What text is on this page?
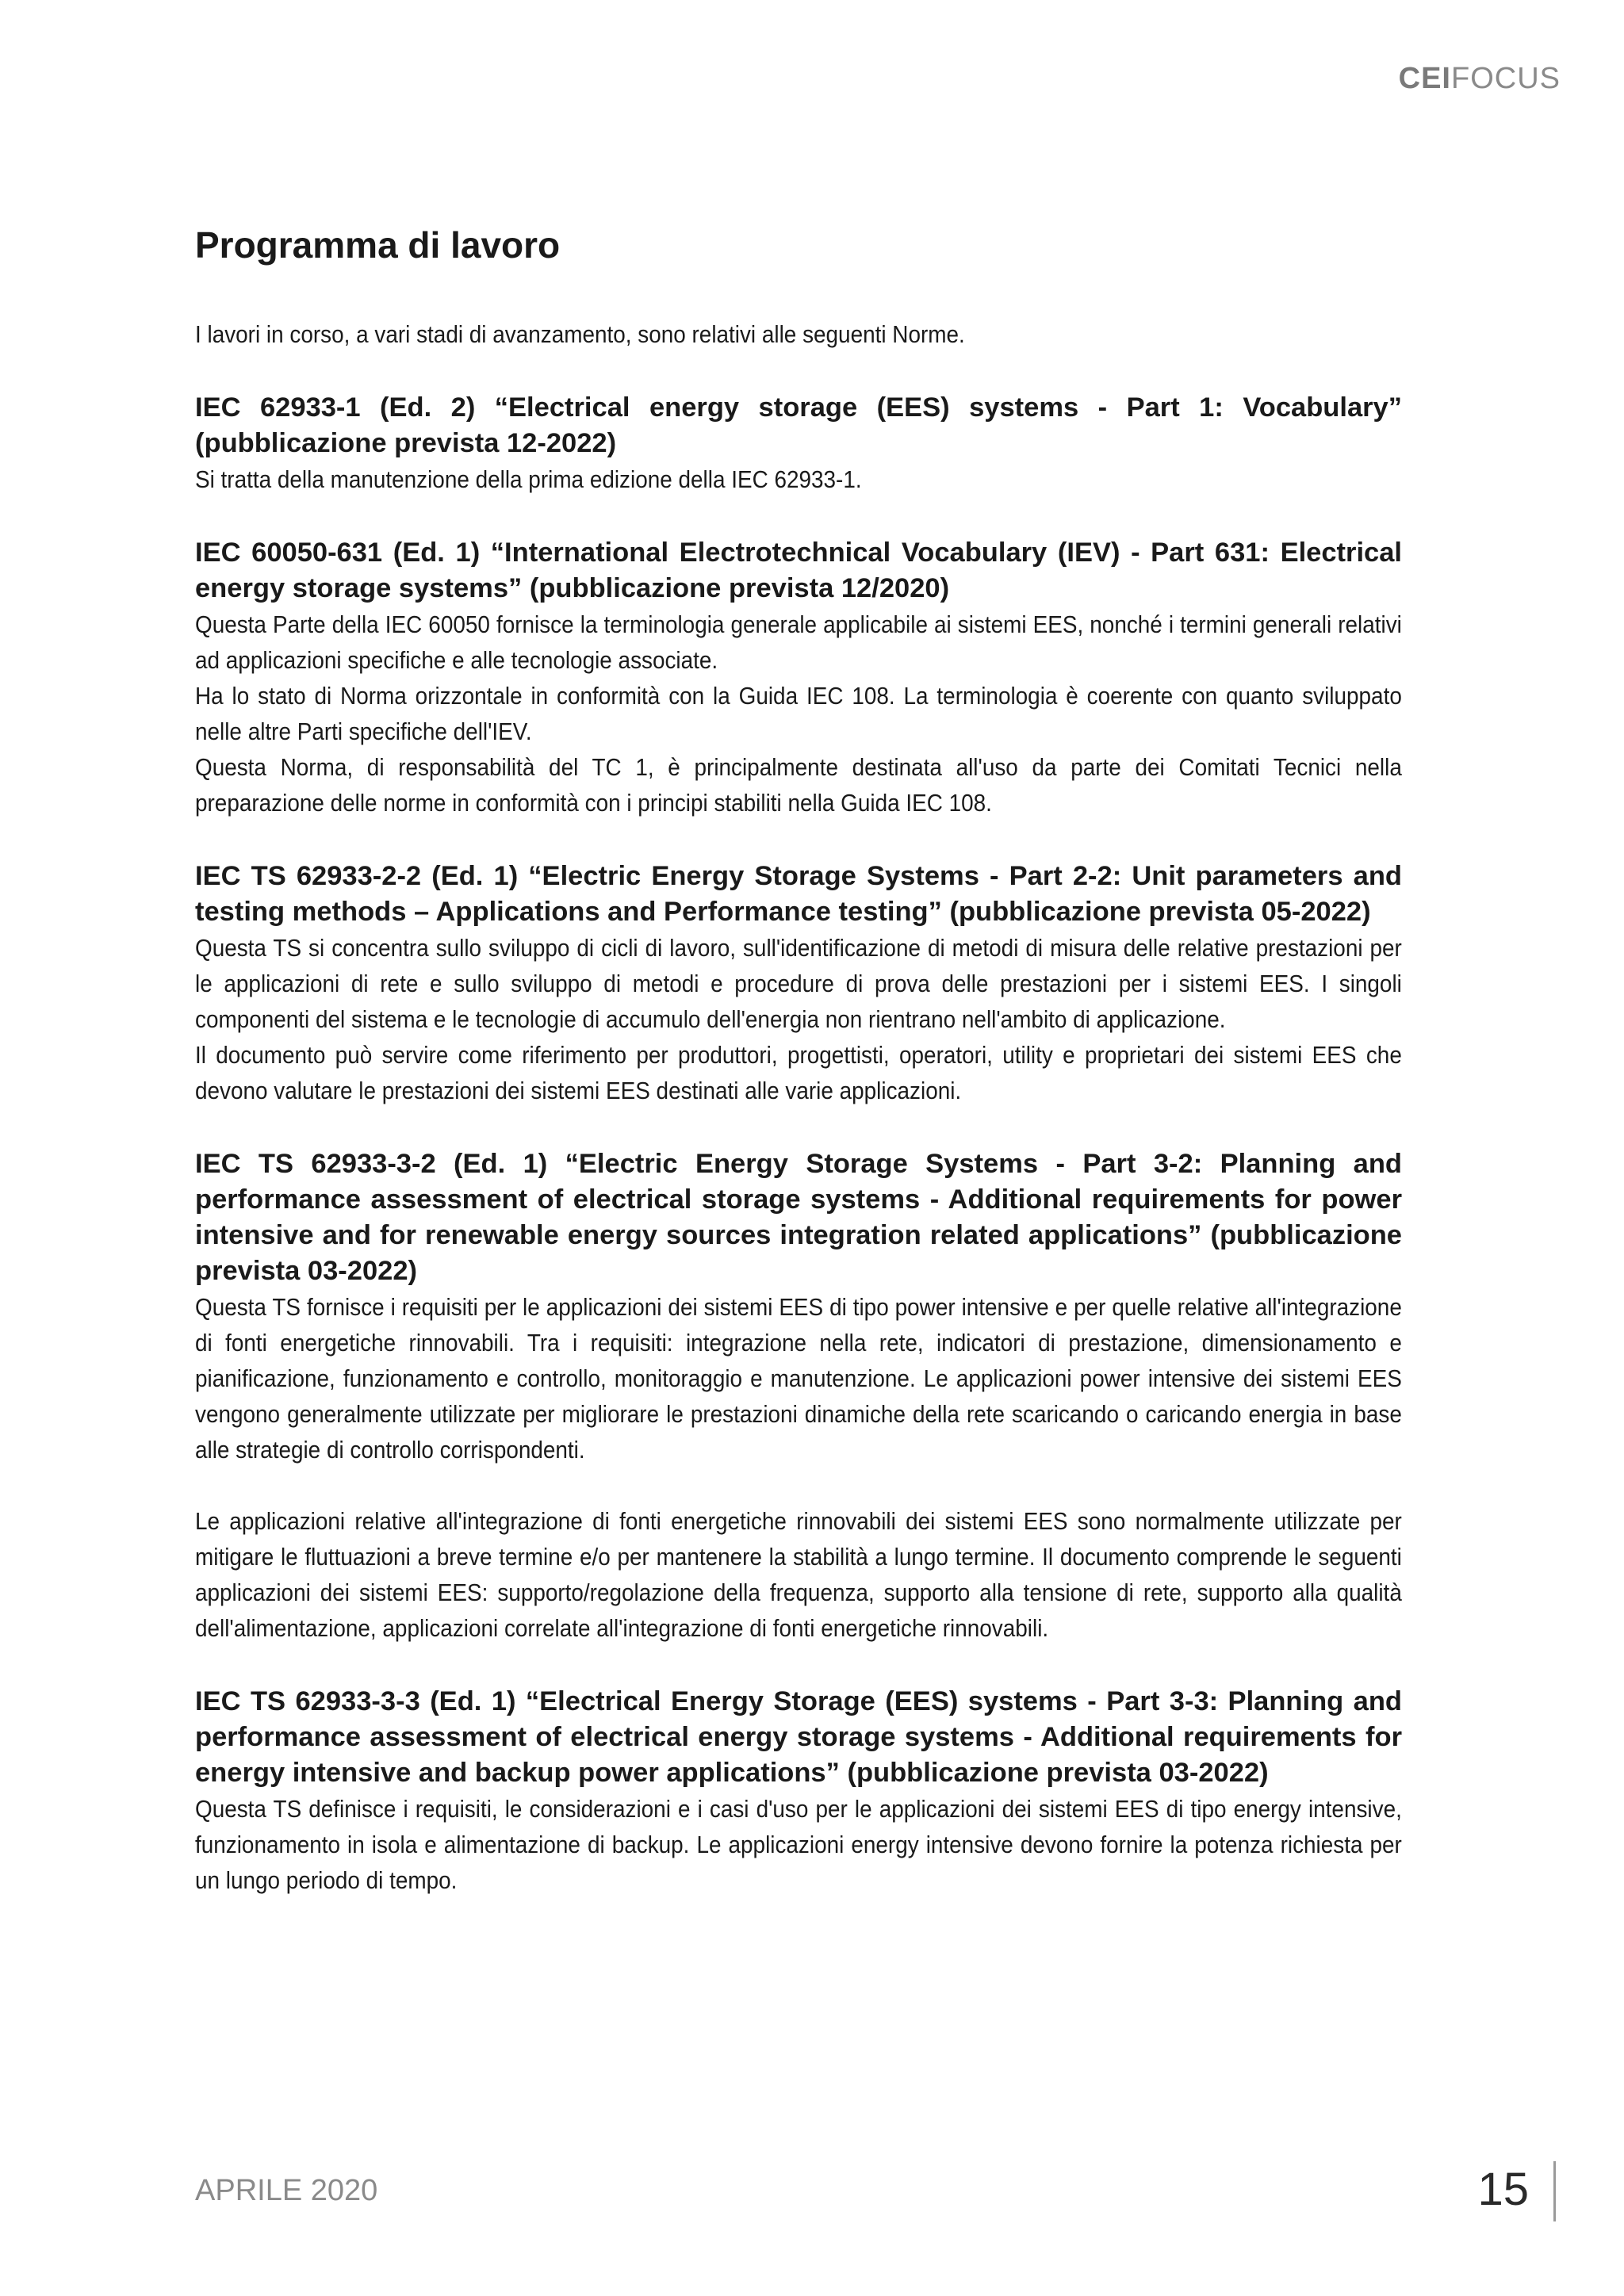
CEIFOCUS
Programma di lavoro

I lavori in corso, a vari stadi di avanzamento, sono relativi alle seguenti Norme.

IEC 62933-1 (Ed. 2) “Electrical energy storage (EES) systems - Part 1: Vocabulary” (pubblicazione prevista 12-2022)

Si tratta della manutenzione della prima edizione della IEC 62933-1.

IEC 60050-631 (Ed. 1) “International Electrotechnical Vocabulary (IEV) - Part 631: Electrical energy storage systems” (pubblicazione prevista 12/2020)

Questa Parte della IEC 60050 fornisce la terminologia generale applicabile ai sistemi EES, nonché i termini generali relativi ad applicazioni specifiche e alle tecnologie associate.

Ha lo stato di Norma orizzontale in conformità con la Guida IEC 108. La terminologia è coerente con quanto sviluppato nelle altre Parti specifiche dell'IEV.

Questa Norma, di responsabilità del TC 1, è principalmente destinata all'uso da parte dei Comitati Tecnici nella preparazione delle norme in conformità con i principi stabiliti nella Guida IEC 108.

IEC TS 62933-2-2 (Ed. 1) “Electric Energy Storage Systems - Part 2-2: Unit parameters and testing methods – Applications and Performance testing” (pubblicazione prevista 05-2022)

Questa TS si concentra sullo sviluppo di cicli di lavoro, sull'identificazione di metodi di misura delle relative prestazioni per le applicazioni di rete e sullo sviluppo di metodi e procedure di prova delle prestazioni per i sistemi EES. I singoli componenti del sistema e le tecnologie di accumulo dell'energia non rientrano nell'ambito di applicazione.

Il documento può servire come riferimento per produttori, progettisti, operatori, utility e proprietari dei sistemi EES che devono valutare le prestazioni dei sistemi EES destinati alle varie applicazioni.

IEC TS 62933-3-2 (Ed. 1) “Electric Energy Storage Systems - Part 3-2: Planning and performance assessment of electrical storage systems - Additional requirements for power intensive and for renewable energy sources integration related applications” (pubblicazione prevista 03-2022)

Questa TS fornisce i requisiti per le applicazioni dei sistemi EES di tipo power intensive e per quelle relative all'integrazione di fonti energetiche rinnovabili. Tra i requisiti: integrazione nella rete, indicatori di prestazione, dimensionamento e pianificazione, funzionamento e controllo, monitoraggio e manutenzione. Le applicazioni power intensive dei sistemi EES vengono generalmente utilizzate per migliorare le prestazioni dinamiche della rete scaricando o caricando energia in base alle strategie di controllo corrispondenti.

Le applicazioni relative all'integrazione di fonti energetiche rinnovabili dei sistemi EES sono normalmente utilizzate per mitigare le fluttuazioni a breve termine e/o per mantenere la stabilità a lungo termine. Il documento comprende le seguenti applicazioni dei sistemi EES: supporto/regolazione della frequenza, supporto alla tensione di rete, supporto alla qualità dell'alimentazione, applicazioni correlate all'integrazione di fonti energetiche rinnovabili.

IEC TS 62933-3-3 (Ed. 1) “Electrical Energy Storage (EES) systems - Part 3-3: Planning and performance assessment of electrical energy storage systems - Additional requirements for energy intensive and backup power applications” (pubblicazione prevista 03-2022)

Questa TS definisce i requisiti, le considerazioni e i casi d'uso per le applicazioni dei sistemi EES di tipo energy intensive, funzionamento in isola e alimentazione di backup. Le applicazioni energy intensive devono fornire la potenza richiesta per un lungo periodo di tempo.

APRILE 2020	15
